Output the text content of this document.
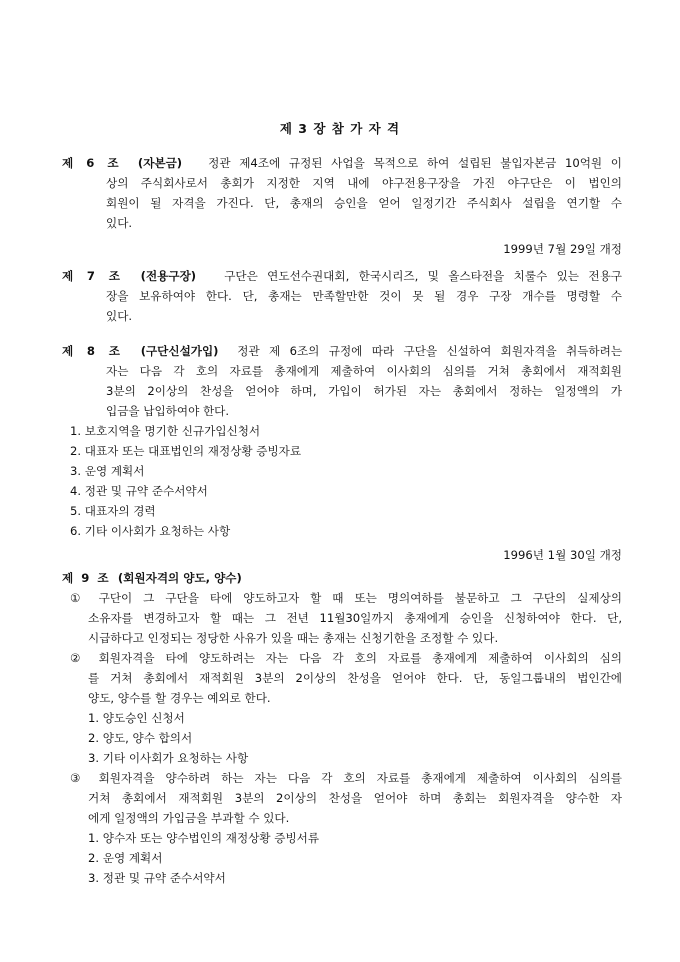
제 3 장 참 가 자 격
제 6 조 (자본금) 정관 제4조에 규정된 사업을 목적으로 하여 설립된 불입자본금 10억원 이
상의 주식회사로서 총회가 지정한 지역 내에 야구전용구장을 가진 야구단은 이 법인의
회원이 될 자격을 가진다. 단, 총재의 승인을 얻어 일정기간 주식회사 설립을 연기할 수
있다.
1999년 7월 29일 개정
제 7 조 (전용구장) 구단은 연도선수권대회, 한국시리즈, 및 올스타전을 치룰수 있는 전용구
장을 보유하여야 한다. 단, 총재는 만족할만한 것이 못 될 경우 구장 개수를 명령할 수
있다.
제 8 조 (구단신설가입) 정관 제 6조의 규정에 따라 구단을 신설하여 회원자격을 취득하려는
자는 다음 각 호의 자료를 총재에게 제출하여 이사회의 심의를 거쳐 총회에서 재적회원
3분의 2이상의 찬성을 얻어야 하며, 가입이 허가된 자는 총회에서 정하는 일정액의 가
입금을 납입하여야 한다.
1. 보호지역을 명기한 신규가입신청서
2. 대표자 또는 대표법인의 재정상황 증빙자료
3. 운영 계획서
4. 정관 및 규약 준수서약서
5. 대표자의 경력
6. 기타 이사회가 요청하는 사항
1996년 1월 30일 개정
제 9 조 (회원자격의 양도, 양수)
① 구단이 그 구단을 타에 양도하고자 할 때 또는 명의여하를 불문하고 그 구단의 실제상의
소유자를 변경하고자 할 때는 그 전년 11월30일까지 총재에게 승인을 신청하여야 한다. 단,
시급하다고 인정되는 정당한 사유가 있을 때는 총재는 신청기한을 조정할 수 있다.
② 회원자격을 타에 양도하려는 자는 다음 각 호의 자료를 총재에게 제출하여 이사회의 심의
를 거쳐 총회에서 재적회원 3분의 2이상의 찬성을 얻어야 한다. 단, 동일그룹내의 법인간에
양도, 양수를 할 경우는 예외로 한다.
1. 양도승인 신청서
2. 양도, 양수 합의서
3. 기타 이사회가 요청하는 사항
③ 회원자격을 양수하려 하는 자는 다음 각 호의 자료를 총재에게 제출하여 이사회의 심의를
거쳐 총회에서 재적회원 3분의 2이상의 찬성을 얻어야 하며 총회는 회원자격을 양수한 자
에게 일정액의 가입금을 부과할 수 있다.
1. 양수자 또는 양수법인의 재정상황 증빙서류
2. 운영 계획서
3. 정관 및 규약 준수서약서
